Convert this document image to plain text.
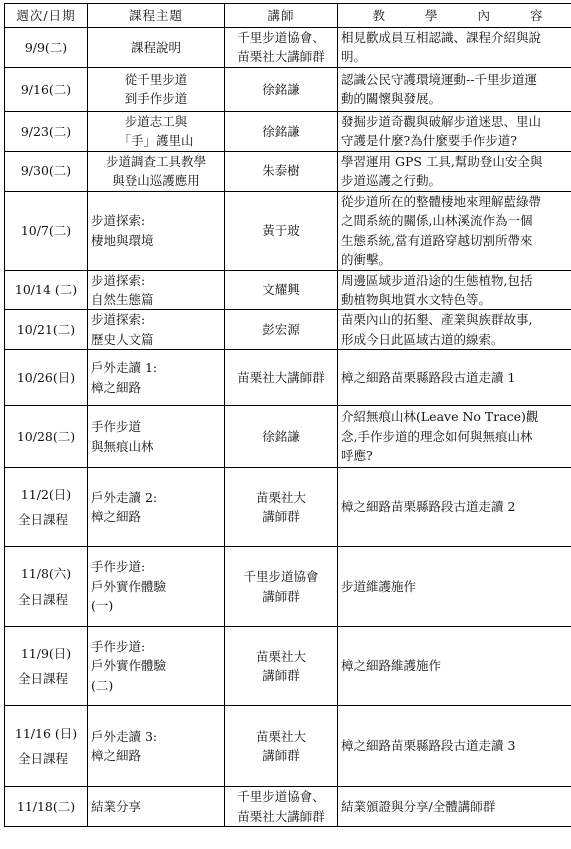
週次/日期	課程主題	講師	教 學 內 容

9/9(二)	課程說明	千里步道協會、
苗栗社大講師群	相見歡成員互相認識、課程介紹與說
明。

9/16(二)	從千里步道
到手作步道	徐銘謙	認識公民守護環境運動--千里步道運
動的關懷與發展。

9/23(二)	步道志工與
「手」護里山	徐銘謙	發掘步道奇觀與破解步道迷思、里山
守護是什麼?為什麼要手作步道?

9/30(二)	步道調查工具教學
與登山巡護應用	朱泰樹	學習運用 GPS 工具,幫助登山安全與
步道巡護之行動。

10/7(二)	步道探索:
棲地與環境	黃于玻	從步道所在的整體棲地來理解藍綠帶
之間系統的關係,山林溪流作為一個
生態系統,當有道路穿越切割所帶來
的衝擊。

10/14 (二)	步道探索:
自然生態篇	文耀興	周邊區域步道沿途的生態植物,包括
動植物與地質水文特色等。

10/21(二)	步道探索:
歷史人文篇	彭宏源	苗栗內山的拓墾、產業與族群故事,
形成今日此區域古道的線索。

10/26(日)	戶外走讀 1:
樟之細路	苗栗社大講師群	樟之細路苗栗縣路段古道走讀 1

10/28(二)	手作步道
與無痕山林	徐銘謙	介紹無痕山林(Leave No Trace)觀
念,手作步道的理念如何與無痕山林
呼應?

11/2(日)
全日課程	戶外走讀 2:
樟之細路	苗栗社大
講師群	樟之細路苗栗縣路段古道走讀 2

11/8(六)
全日課程	手作步道:
戶外實作體驗
(一)	千里步道協會
講師群	步道維護施作

11/9(日)
全日課程	手作步道:
戶外實作體驗
(二)	苗栗社大
講師群	樟之細路維護施作

11/16 (日)
全日課程	戶外走讀 3:
樟之細路	苗栗社大
講師群	樟之細路苗栗縣路段古道走讀 3

11/18(二)	結業分享	千里步道協會、
苗栗社大講師群	結業頒證與分享/全體講師群
